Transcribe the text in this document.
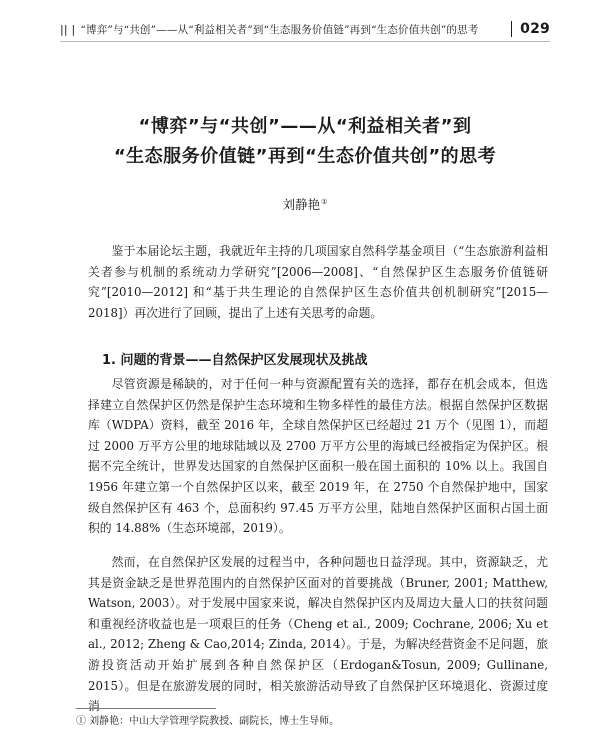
|| | “博弈”与“共创”——从“利益相关者”到“生态服务价值链”再到“生态价值共创”的思考	029
“博弈”与“共创”——从“利益相关者”到
“生态服务价值链”再到“生态价值共创”的思考
刘静艳①

鉴于本届论坛主题，我就近年主持的几项国家自然科学基金项目（“生态旅游利益相关者参与机制的系统动力学研究”[2006—2008]、“自然保护区生态服务价值链研究”[2010—2012] 和“基于共生理论的自然保护区生态价值共创机制研究”[2015—2018]）再次进行了回顾，提出了上述有关思考的命题。

1. 问题的背景——自然保护区发展现状及挑战

尽管资源是稀缺的，对于任何一种与资源配置有关的选择，都存在机会成本，但选择建立自然保护区仍然是保护生态环境和生物多样性的最佳方法。根据自然保护区数据库（WDPA）资料，截至 2016 年，全球自然保护区已经超过 21 万个（见图 1），而超过 2000 万平方公里的地球陆域以及 2700 万平方公里的海域已经被指定为保护区。根据不完全统计，世界发达国家的自然保护区面积一般在国土面积的 10% 以上。我国自 1956 年建立第一个自然保护区以来，截至 2019 年，在 2750 个自然保护地中，国家级自然保护区有 463 个，总面积约 97.45 万平方公里，陆地自然保护区面积占国土面积的 14.88%（生态环境部，2019）。

然而，在自然保护区发展的过程当中，各种问题也日益浮现。其中，资源缺乏，尤其是资金缺乏是世界范围内的自然保护区面对的首要挑战（Bruner, 2001; Matthew, Watson, 2003）。对于发展中国家来说，解决自然保护区内及周边大量人口的扶贫问题和重视经济收益也是一项艰巨的任务（Cheng et al., 2009; Cochrane, 2006; Xu et al., 2012; Zheng & Cao,2014; Zinda, 2014）。于是，为解决经营资金不足问题，旅游投资活动开始扩展到各种自然保护区（Erdogan&Tosun, 2009; Gullinane, 2015）。但是在旅游发展的同时，相关旅游活动导致了自然保护区环境退化、资源过度消

① 刘静艳：中山大学管理学院教授、副院长，博士生导师。
